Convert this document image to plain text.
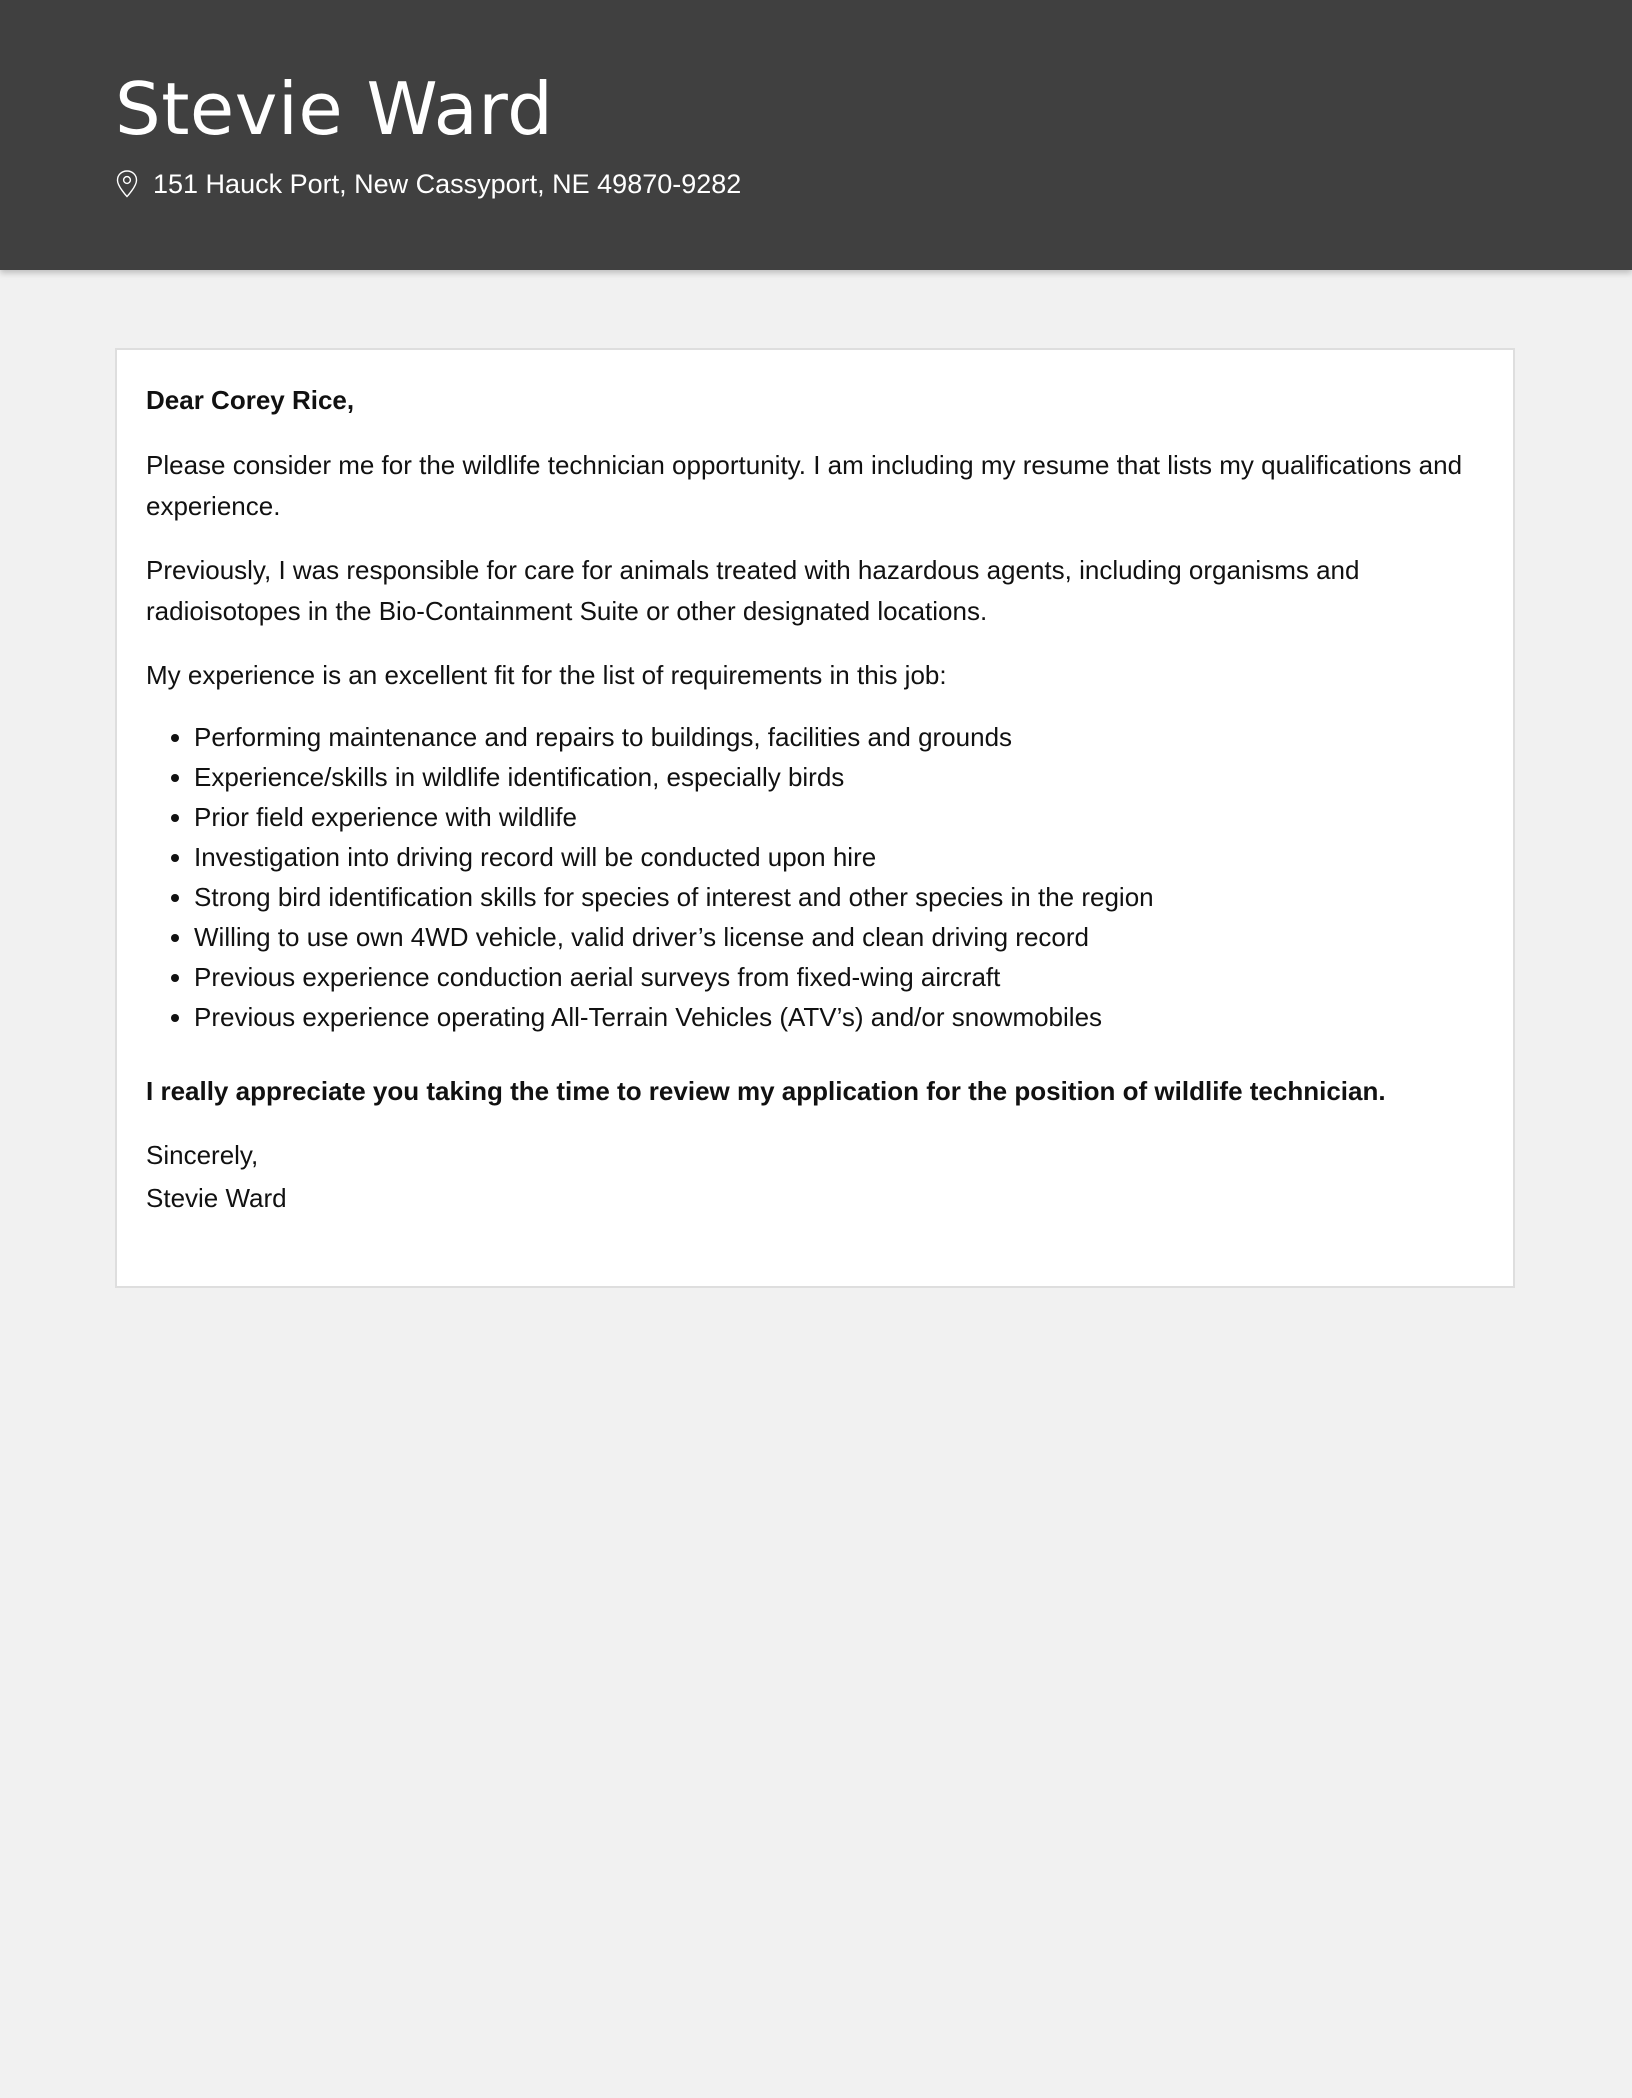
Stevie Ward
151 Hauck Port, New Cassyport, NE 49870-9282

Dear Corey Rice,

Please consider me for the wildlife technician opportunity. I am including my resume that lists my qualifications and experience.

Previously, I was responsible for care for animals treated with hazardous agents, including organisms and radioisotopes in the Bio-Containment Suite or other designated locations.

My experience is an excellent fit for the list of requirements in this job:

• Performing maintenance and repairs to buildings, facilities and grounds
• Experience/skills in wildlife identification, especially birds
• Prior field experience with wildlife
• Investigation into driving record will be conducted upon hire
• Strong bird identification skills for species of interest and other species in the region
• Willing to use own 4WD vehicle, valid driver’s license and clean driving record
• Previous experience conduction aerial surveys from fixed-wing aircraft
• Previous experience operating All-Terrain Vehicles (ATV’s) and/or snowmobiles

I really appreciate you taking the time to review my application for the position of wildlife technician.

Sincerely,
Stevie Ward
